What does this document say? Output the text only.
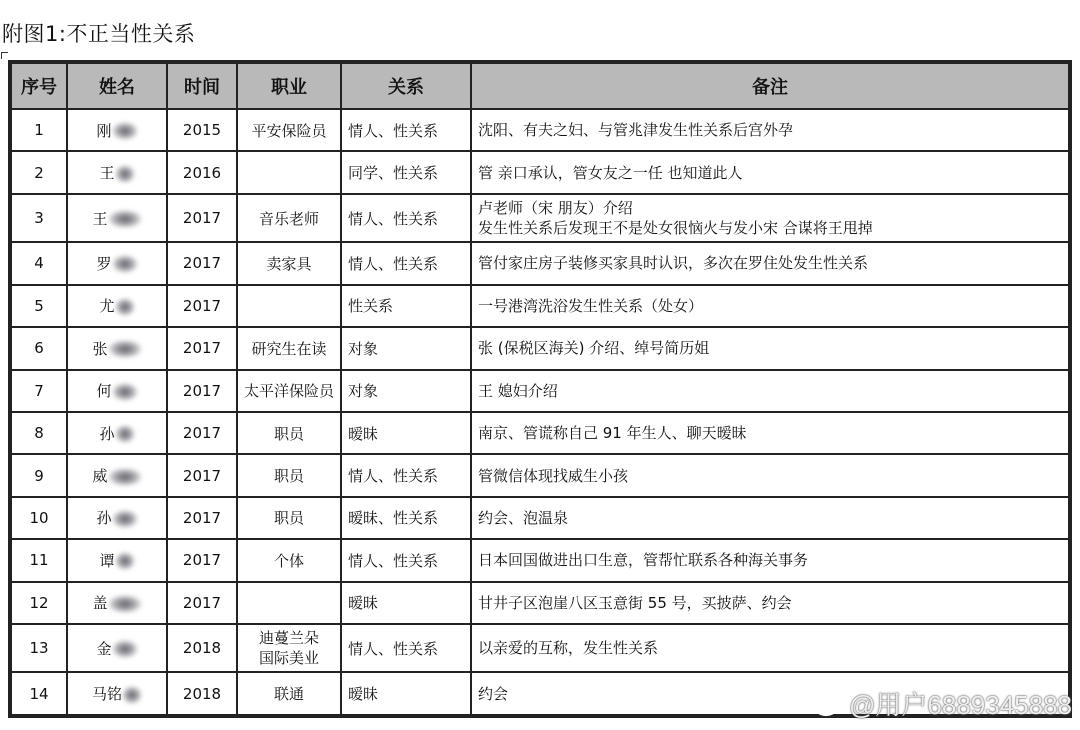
附图1:不正当性关系
序号	姓名	时间	职业	关系	备注
1	刚	2015	平安保险员	情人、性关系	沈阳、有夫之妇、与管兆津发生性关系后宫外孕

2	王	2016		同学、性关系	管 亲口承认，管女友之一任 也知道此人

3	王	2017	音乐老师	情人、性关系	卢老师（宋 朋友）介绍
发生性关系后发现王不是处女很恼火与发小宋 合谋将王甩掉

4	罗	2017	卖家具	情人、性关系	管付家庄房子装修买家具时认识，多次在罗住处发生性关系

5	尤	2017		性关系	一号港湾洗浴发生性关系（处女）

6	张	2017	研究生在读	对象	张 (保税区海关) 介绍、绰号简历姐

7	何	2017	太平洋保险员	对象	王 媳妇介绍

8	孙	2017	职员	暧昧	南京、管谎称自己 91 年生人、聊天暧昧

9	威	2017	职员	情人、性关系	管微信体现找威生小孩

10	孙	2017	职员	暧昧、性关系	约会、泡温泉

11	谭	2017	个体	情人、性关系	日本回国做进出口生意，管帮忙联系各种海关事务

12	盖	2017		暧昧	甘井子区泡崖八区玉意街 55 号，买披萨、约会

13	金	2018	迪蔓兰朵
国际美业	情人、性关系	以亲爱的互称，发生性关系

14	马铭	2018	联通	暧昧	约会	@用户6889345888
